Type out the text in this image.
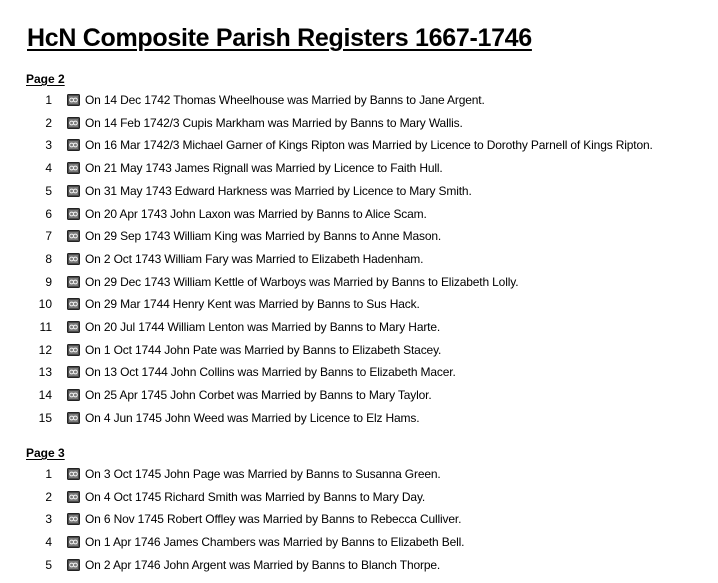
HcN Composite Parish Registers 1667-1746
Page 2
1	On 14 Dec 1742 Thomas Wheelhouse was Married by Banns to Jane Argent.
2	On 14 Feb 1742/3 Cupis Markham was Married by Banns to Mary Wallis.
3	On 16 Mar 1742/3 Michael Garner of Kings Ripton was Married by Licence to Dorothy Parnell of Kings Ripton.
4	On 21 May 1743 James Rignall was Married by Licence to Faith Hull.
5	On 31 May 1743 Edward Harkness was Married by Licence to Mary Smith.
6	On 20 Apr 1743 John Laxon was Married by Banns to Alice Scam.
7	On 29 Sep 1743 William King was Married by Banns to Anne Mason.
8	On 2 Oct 1743 William Fary was Married to Elizabeth Hadenham.
9	On 29 Dec 1743 William Kettle of Warboys was Married by Banns to Elizabeth Lolly.
10	On 29 Mar 1744 Henry Kent was Married by Banns to Sus Hack.
11	On 20 Jul 1744 William Lenton was Married by Banns to Mary Harte.
12	On 1 Oct 1744 John Pate was Married by Banns to Elizabeth Stacey.
13	On 13 Oct 1744 John Collins was Married by Banns to Elizabeth Macer.
14	On 25 Apr 1745 John Corbet was Married by Banns to Mary Taylor.
15	On 4 Jun 1745 John Weed was Married by Licence to Elz Hams.
Page 3
1	On 3 Oct 1745 John Page was Married by Banns to Susanna Green.
2	On 4 Oct 1745 Richard Smith was Married by Banns to Mary Day.
3	On 6 Nov 1745 Robert Offley was Married by Banns to Rebecca Culliver.
4	On 1 Apr 1746 James Chambers was Married by Banns to Elizabeth Bell.
5	On 2 Apr 1746 John Argent was Married by Banns to Blanch Thorpe.
